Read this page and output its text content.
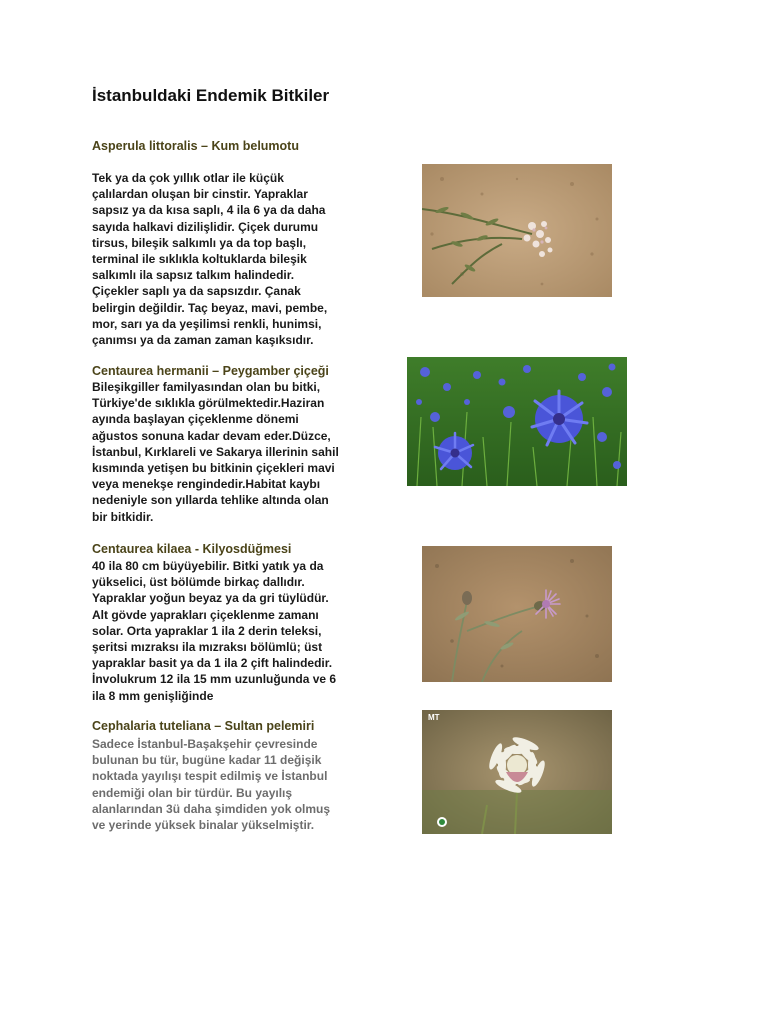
İstanbuldaki Endemik Bitkiler
Asperula littoralis – Kum belumotu
Tek ya da çok yıllık otlar ile küçük
çalılardan oluşan bir cinstir. Yapraklar
sapsız ya da kısa saplı, 4 ila 6 ya da daha
sayıda halkavi dizilişlidir. Çiçek durumu
tirsus, bileşik salkımlı ya da top başlı,
terminal ile sıklıkla koltuklarda bileşik
salkımlı ila sapsız talkım halindedir.
Çiçekler saplı ya da sapsızdır. Çanak
belirgin değildir. Taç beyaz, mavi, pembe,
mor, sarı ya da yeşilimsi renkli, hunimsi,
çanımsı ya da zaman zaman kaşıksıdır.
Centaurea hermanii – Peygamber çiçeği
Bileşikgiller familyasından olan bu bitki,
Türkiye'de sıklıkla görülmektedir.Haziran
ayında başlayan çiçeklenme dönemi
ağustos sonuna kadar devam eder.Düzce,
İstanbul, Kırklareli ve Sakarya illerinin sahil
kısmında yetişen bu bitkinin çiçekleri mavi
veya menekşe rengindedir.Habitat kaybı
nedeniyle son yıllarda tehlike altında olan
bir bitkidir.
Centaurea kilaea - Kilyosdüğmesi
40 ila 80 cm büyüyebilir. Bitki yatık ya da
yükselici, üst bölümde birkaç dallıdır.
Yapraklar yoğun beyaz ya da gri tüylüdür.
Alt gövde yaprakları çiçeklenme zamanı
solar. Orta yapraklar 1 ila 2 derin teleksi,
şeritsi mızraksı ila mızraksı bölümlü; üst
yapraklar basit ya da 1 ila 2 çift halindedir.
İnvolukrum 12 ila 15 mm uzunluğunda ve 6
ila 8 mm genişliğinde
Cephalaria tuteliana – Sultan pelemiri
Sadece İstanbul-Başakşehir çevresinde
bulunan bu tür, bugüne kadar 11 değişik
noktada yayılışı tespit edilmiş ve İstanbul
endemiği olan bir türdür. Bu yayılış
alanlarından 3ü daha şimdiden yok olmuş
ve yerinde yüksek binalar yükselmiştir.
MT
